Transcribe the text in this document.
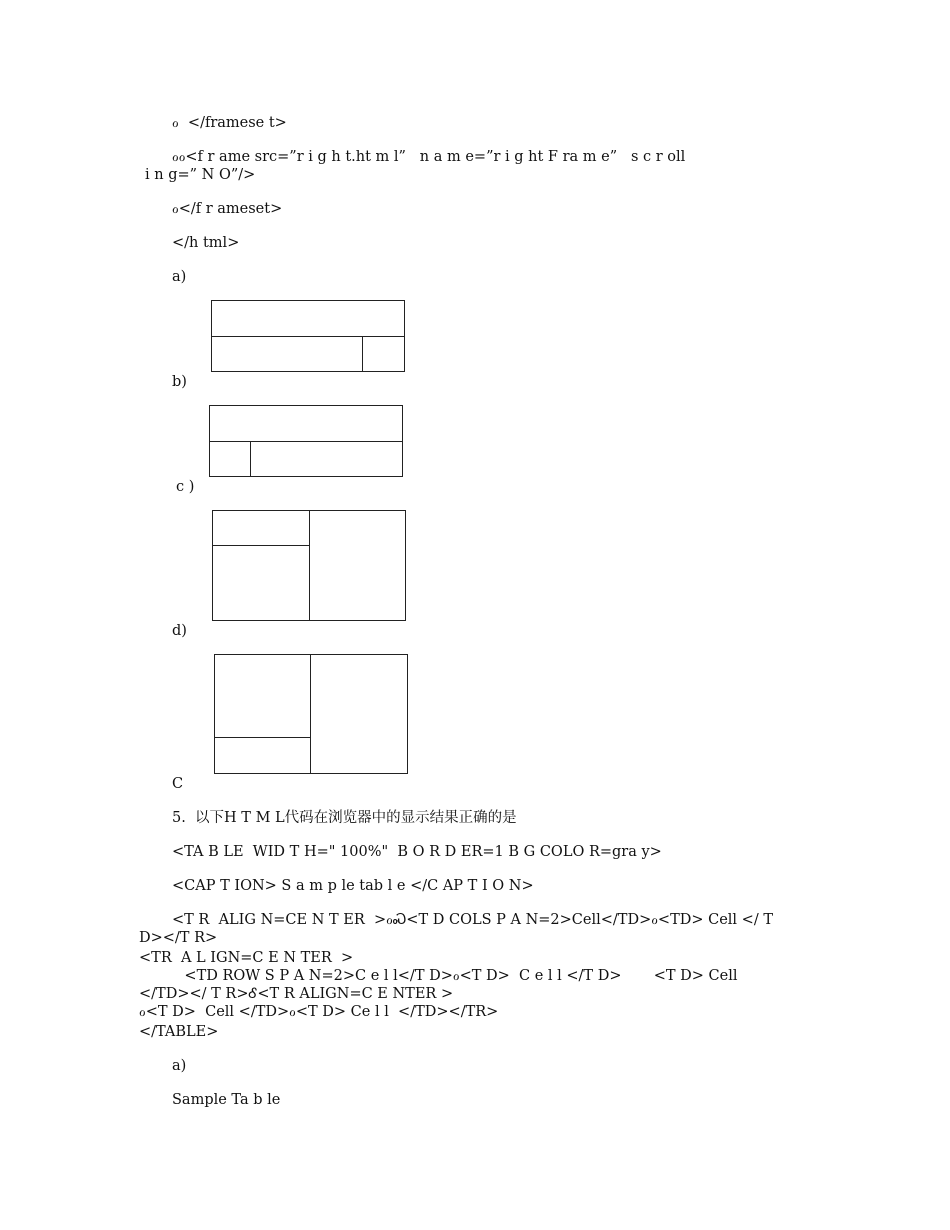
ℴ  </framese t>
ℴℴ<f r ame src=”r i g h t.ht m l”   n a m e=”r i g ht F ra m e”   s c r oll
i n g=” N O”/>
ℴ</f r ameset>
</h tml>
a)
b)
c )
d)
C
5.  以下H T M L代码在浏览器中的显示结果正确的是
<TA B LE  WID T H=" 100%"  B O R D ER=1 B G COLO R=gra y>
<CAP T ION> S a m p le tab l e </C AP T I O N>
<T R  ALIG N=CE N T ER  >ℴᏍ<T D COLS P A N=2>Cell</TD>ℴ<TD> Cell </ T
D></T R>
<TR  A L IGN=C E N TER  >
<TD ROW S P A N=2>C e l l</T D>ℴ<T D>  C e l l </T D>       <T D> Cell
</TD></ T R>Ꮄ<T R ALIGN=C E NTER >
ℴ<T D>  Cell </TD>ℴ<T D> Ce l l  </TD></TR>
</TABLE>
a)
Sample Ta b le
